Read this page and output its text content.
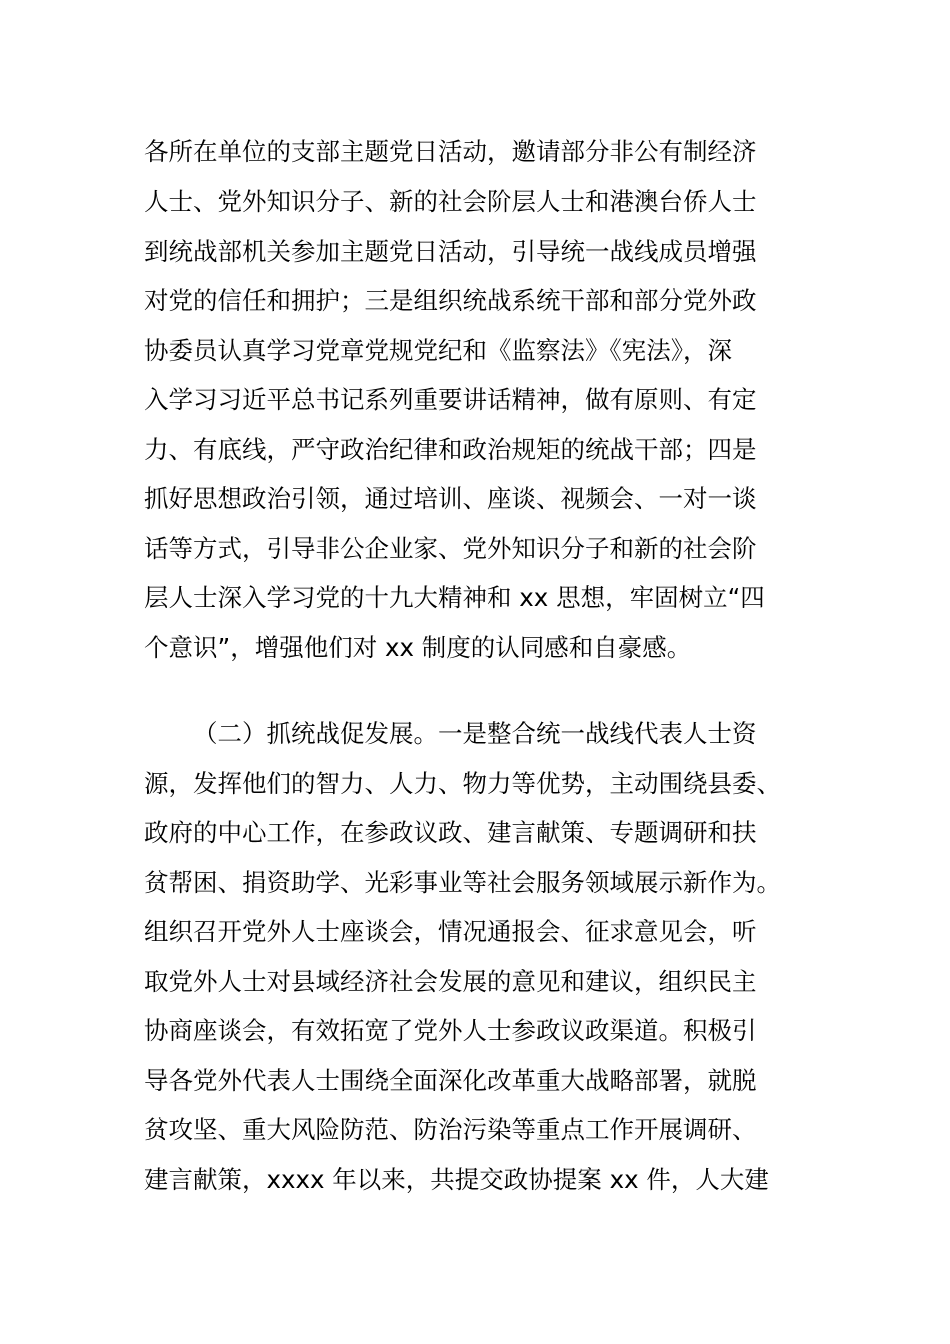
各所在单位的支部主题党日活动，邀请部分非公有制经济
人士、党外知识分子、新的社会阶层人士和港澳台侨人士
到统战部机关参加主题党日活动，引导统一战线成员增强
对党的信任和拥护；三是组织统战系统干部和部分党外政
协委员认真学习党章党规党纪和《监察法》《宪法》，深
入学习习近平总书记系列重要讲话精神，做有原则、有定
力、有底线，严守政治纪律和政治规矩的统战干部；四是
抓好思想政治引领，通过培训、座谈、视频会、一对一谈
话等方式，引导非公企业家、党外知识分子和新的社会阶
层人士深入学习党的十九大精神和 xx 思想，牢固树立“四
个意识”，增强他们对 xx 制度的认同感和自豪感。
（二）抓统战促发展。一是整合统一战线代表人士资
源，发挥他们的智力、人力、物力等优势，主动围绕县委、
政府的中心工作，在参政议政、建言献策、专题调研和扶
贫帮困、捐资助学、光彩事业等社会服务领域展示新作为。
组织召开党外人士座谈会，情况通报会、征求意见会，听
取党外人士对县域经济社会发展的意见和建议，组织民主
协商座谈会，有效拓宽了党外人士参政议政渠道。积极引
导各党外代表人士围绕全面深化改革重大战略部署，就脱
贫攻坚、重大风险防范、防治污染等重点工作开展调研、
建言献策，xxxx 年以来，共提交政协提案 xx 件，人大建
